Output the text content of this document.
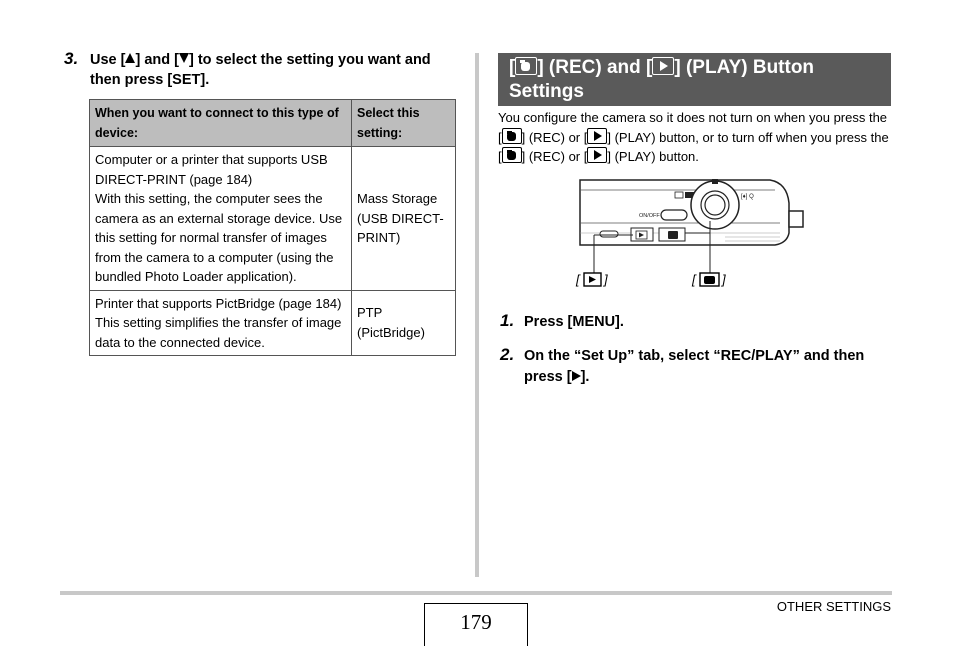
3. Use [ ] and [ ] to select the setting you want and then press [SET].
When you want to connect to this type of device:	Select this setting:

Computer or a printer that supports USB DIRECT-PRINT (page 184)
With this setting, the computer sees the camera as an external storage device. Use this setting for normal transfer of images from the camera to a computer (using the bundled Photo Loader application).	Mass Storage (USB DIRECT-PRINT)

Printer that supports PictBridge (page 184)
This setting simplifies the transfer of image data to the connected device.	PTP (PictBridge)
[ ] (REC) and [ ] (PLAY) Button Settings
You configure the camera so it does not turn on when you press the [ ] (REC) or [ ] (PLAY) button, or to turn off when you press the [ ] (REC) or [ ] (PLAY) button.
[♦] Q
ON/OFF
[ ]	[ ]
1. Press [MENU].
2. On the “Set Up” tab, select “REC/PLAY” and then press [ ].
179
OTHER SETTINGS
